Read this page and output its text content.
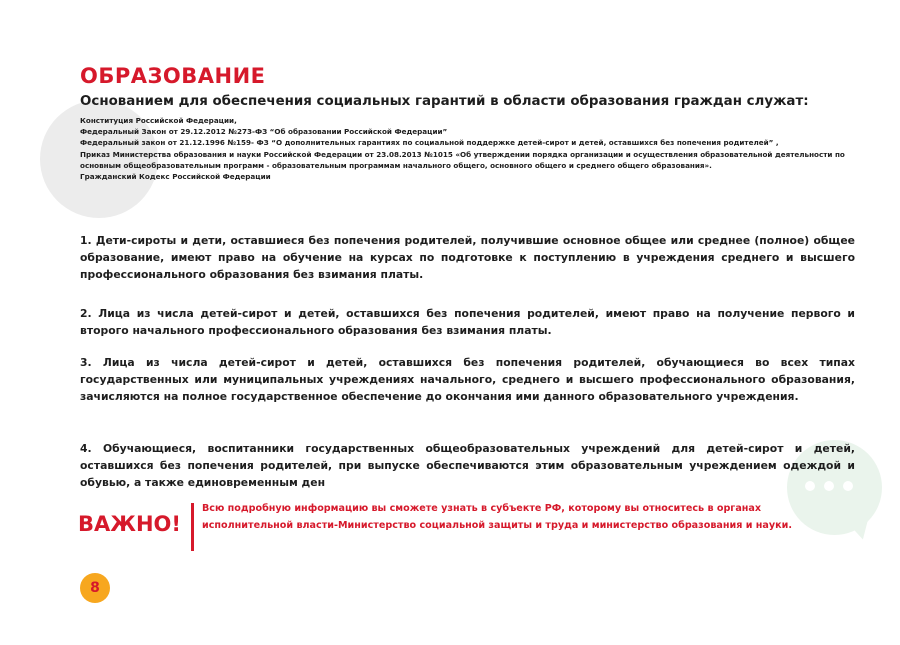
ОБРАЗОВАНИЕ
Основанием для обеспечения социальных гарантий в области образования граждан служат:
Конституция Российской Федерации,
Федеральный Закон от 29.12.2012 №273-ФЗ “Об образовании Российской Федерации”
Федеральный закон от 21.12.1996 №159- ФЗ “О дополнительных гарантиях по социальной поддержке детей-сирот и детей, оставшихся без попечения родителей” ,
Приказ Министерства образования и науки Российской Федерации от 23.08.2013 №1015 «Об утверждении порядка организации и осуществления образовательной деятельности по основным общеобразовательным программ - образовательным программам начального общего, основного общего и среднего общего образования».
Гражданский Кодекс Российской Федерации

1. Дети-сироты и дети, оставшиеся без попечения родителей, получившие основное общее или среднее (полное) общее образование, имеют право на обучение на курсах по подготовке к поступлению в учреждения среднего и высшего профессионального образования без взимания платы.

2. Лица из числа детей-сирот и детей, оставшихся без попечения родителей, имеют право на получение первого и второго начального профессионального образования без взимания платы.

3. Лица из числа детей-сирот и детей, оставшихся без попечения родителей, обучающиеся во всех типах государственных или муниципальных учреждениях начального, среднего и высшего профессионального образования, зачисляются на полное государственное обеспечение до окончания ими данного образовательного учреждения.

4. Обучающиеся, воспитанники государственных общеобразовательных учреждений для детей-сирот и детей, оставшихся без попечения родителей, при выпуске обеспечиваются этим образовательным учреждением одеждой и обувью, а также единовременным ден

ВАЖНО!

Всю подробную информацию вы сможете узнать в субъекте РФ, которому вы относитесь в органах исполнительной власти-Министерство социальной защиты и труда и министерство образования и науки.

8
